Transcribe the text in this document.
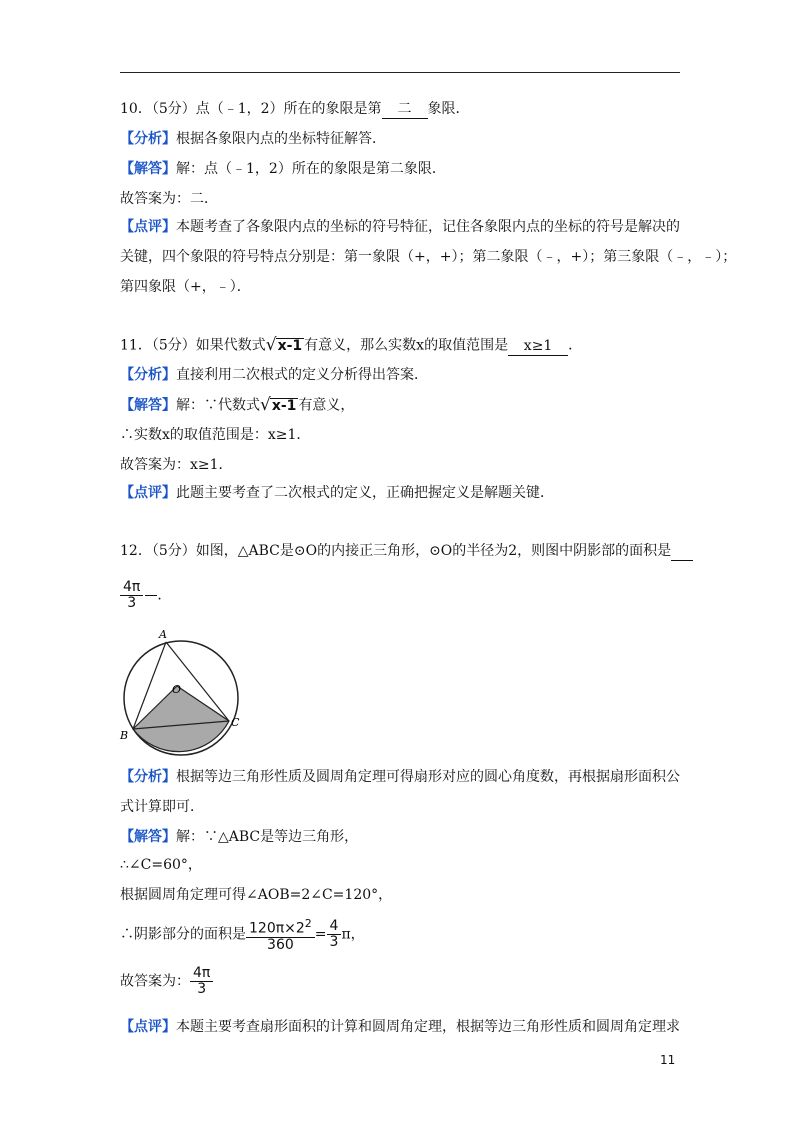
10．（5分）点（﹣1，2）所在的象限是第 二 象限．
【分析】根据各象限内点的坐标特征解答．
【解答】解：点（﹣1，2）所在的象限是第二象限．
故答案为：二．
【点评】本题考查了各象限内点的坐标的符号特征，记住各象限内点的坐标的符号是解决的
关键，四个象限的符号特点分别是：第一象限（+，+）；第二象限（﹣，+）；第三象限（﹣，﹣）；
第四象限（+，﹣）．
11．（5分）如果代数式√x-1 有意义，那么实数x的取值范围是 x≥1 ．
【分析】直接利用二次根式的定义分析得出答案．
【解答】解：∵代数式√x-1 有意义，
∴实数x的取值范围是：x≥1．
故答案为：x≥1．
【点评】此题主要考查了二次根式的定义，正确把握定义是解题关键．
12．（5分）如图，△ABC是⊙O的内接正三角形，⊙O的半径为2，则图中阴影部的面积是
$\frac{4\pi}{3}$ ．
A
O
B
C
【分析】根据等边三角形性质及圆周角定理可得扇形对应的圆心角度数，再根据扇形面积公
式计算即可．
【解答】解：∵△ABC是等边三角形，
∴∠C=60°，
根据圆周角定理可得∠AOB=2∠C=120°，
∴阴影部分的面积是 $\frac{120\pi\times 2^2}{360} = \frac{4}{3}$ π，
故答案为： $\frac{4\pi}{3}$
【点评】本题主要考查扇形面积的计算和圆周角定理，根据等边三角形性质和圆周角定理求
11
